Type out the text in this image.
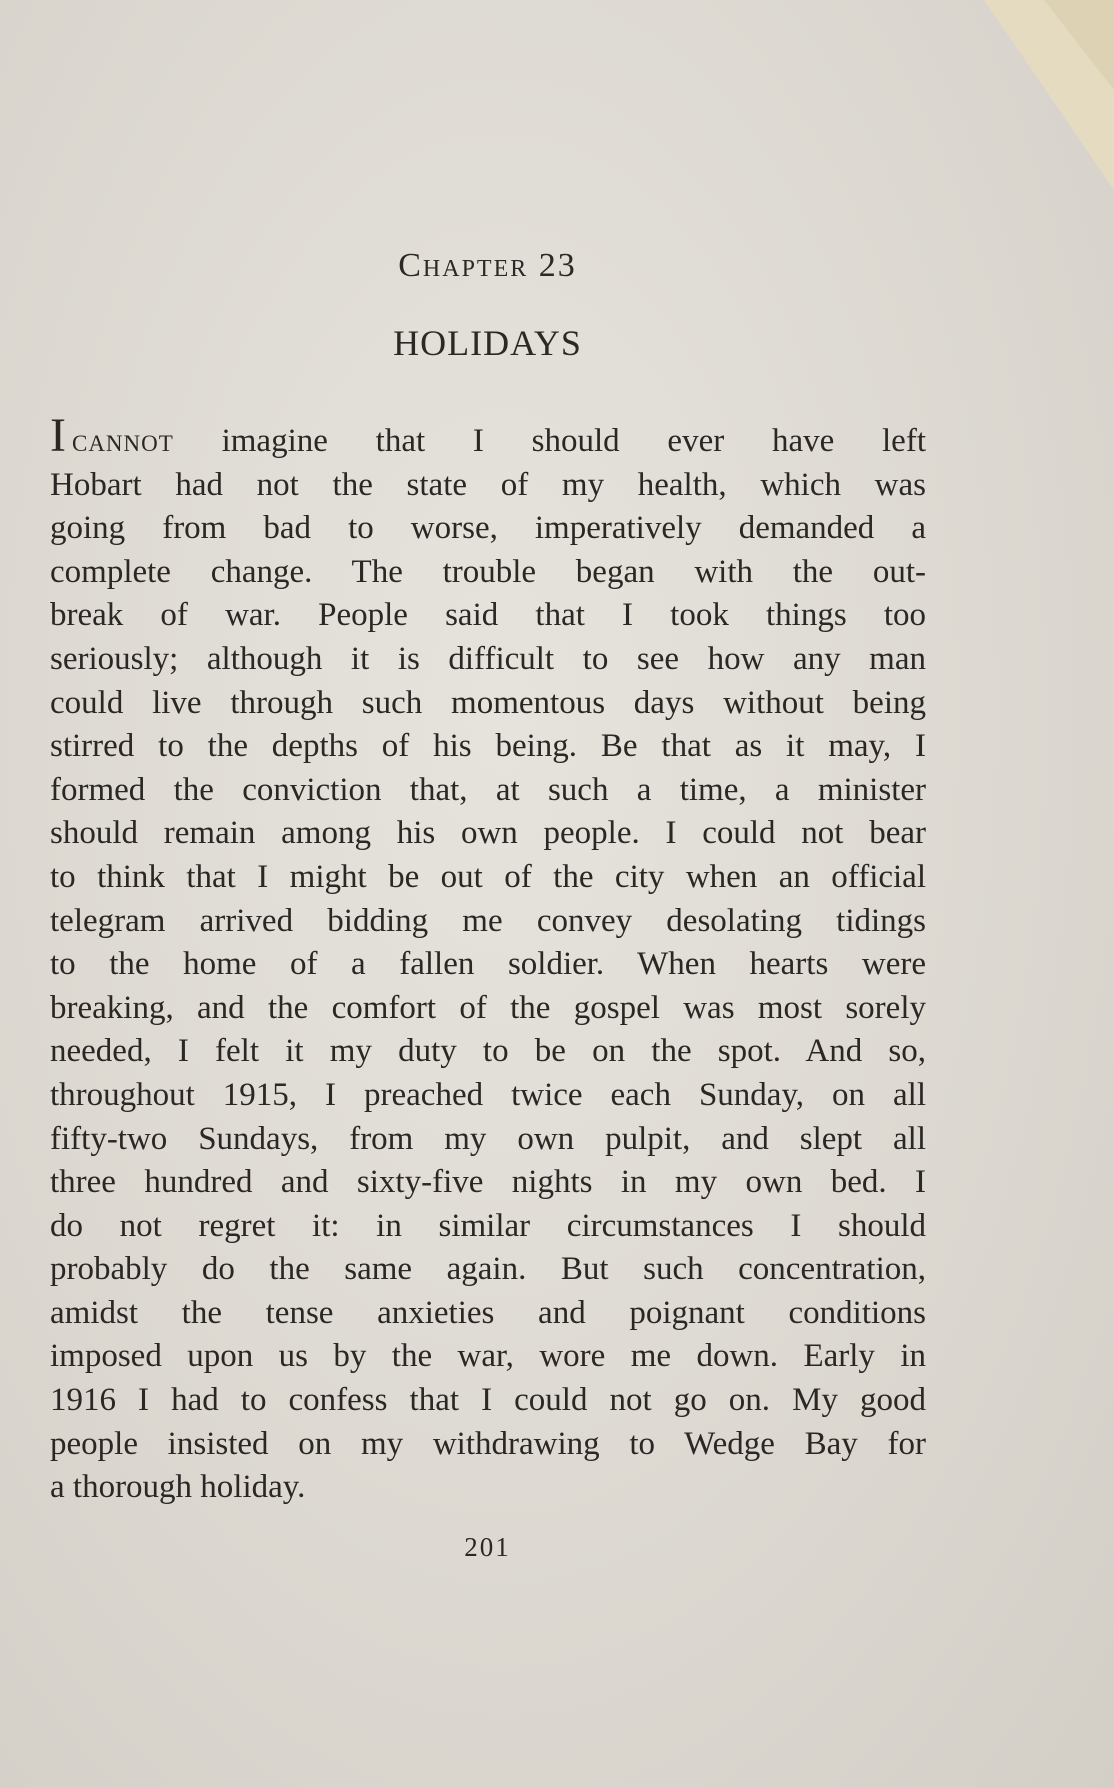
Chapter 23
HOLIDAYS
I cannot imagine that I should ever have left
Hobart had not the state of my health, which was
going from bad to worse, imperatively demanded a
complete change. The trouble began with the out-
break of war. People said that I took things too
seriously; although it is difficult to see how any man
could live through such momentous days without being
stirred to the depths of his being. Be that as it may, I
formed the conviction that, at such a time, a minister
should remain among his own people. I could not bear
to think that I might be out of the city when an official
telegram arrived bidding me convey desolating tidings
to the home of a fallen soldier. When hearts were
breaking, and the comfort of the gospel was most sorely
needed, I felt it my duty to be on the spot. And so,
throughout 1915, I preached twice each Sunday, on all
fifty-two Sundays, from my own pulpit, and slept all
three hundred and sixty-five nights in my own bed. I
do not regret it: in similar circumstances I should
probably do the same again. But such concentration,
amidst the tense anxieties and poignant conditions
imposed upon us by the war, wore me down. Early in
1916 I had to confess that I could not go on. My good
people insisted on my withdrawing to Wedge Bay for
a thorough holiday.
201
